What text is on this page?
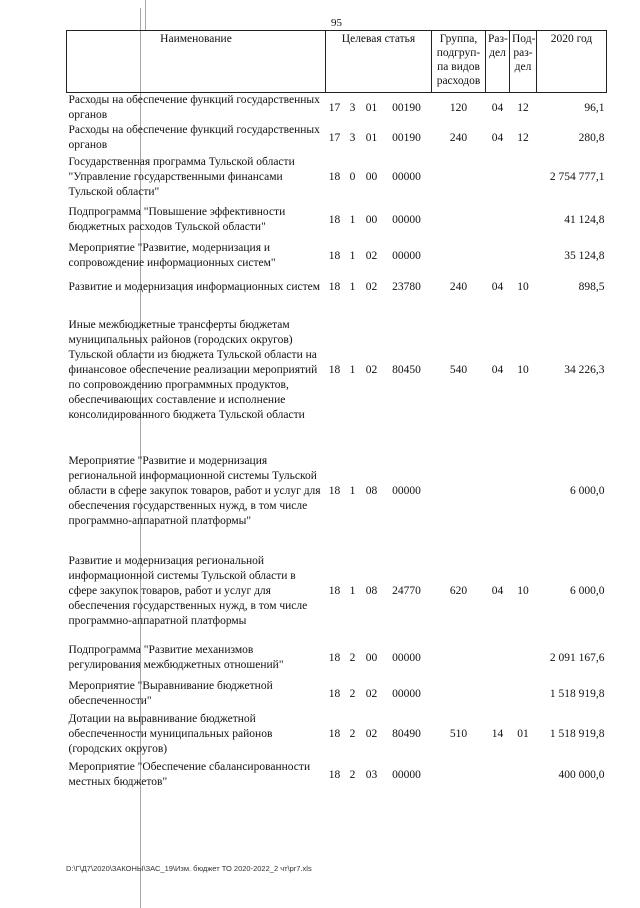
95
Наименование	Целевая статья				Группа, подгруп-па видов расходов	Раз-дел	Под-раз-дел	2020 год
Расходы на обеспечение функций государственных органов	17	3	01	00190	120	04	12	96,1
Расходы на обеспечение функций государственных органов	17	3	01	00190	240	04	12	280,8
Государственная программа Тульской области "Управление государственными финансами Тульской области"	18	0	00	00000				2 754 777,1
Подпрограмма "Повышение эффективности бюджетных расходов Тульской области"	18	1	00	00000				41 124,8
Мероприятие "Развитие, модернизация и сопровождение информационных систем"	18	1	02	00000				35 124,8
Развитие и модернизация информационных систем	18	1	02	23780	240	04	10	898,5
Иные межбюджетные трансферты бюджетам муниципальных районов (городских округов) Тульской области из бюджета Тульской области на финансовое обеспечение реализации мероприятий по сопровождению программных продуктов, обеспечивающих составление и исполнение консолидированного бюджета Тульской области	18	1	02	80450	540	04	10	34 226,3
Мероприятие "Развитие и модернизация региональной информационной системы Тульской области в сфере закупок товаров, работ и услуг для обеспечения государственных нужд, в том числе программно-аппаратной платформы"	18	1	08	00000				6 000,0
Развитие и модернизация региональной информационной системы Тульской области в сфере закупок товаров, работ и услуг для обеспечения государственных нужд, в том числе программно-аппаратной платформы	18	1	08	24770	620	04	10	6 000,0
Подпрограмма "Развитие механизмов регулирования межбюджетных отношений"	18	2	00	00000				2 091 167,6
Мероприятие "Выравнивание бюджетной обеспеченности"	18	2	02	00000				1 518 919,8
Дотации на выравнивание бюджетной обеспеченности муниципальных районов (городских округов)	18	2	02	80490	510	14	01	1 518 919,8
Мероприятие "Обеспечение сбалансированности местных бюджетов"	18	2	03	00000				400 000,0
D:\Г\Д7\2020\ЗАКОНЫ\ЗАС_19\Изм. бюджет ТО 2020-2022_2 чт\pr7.xls
